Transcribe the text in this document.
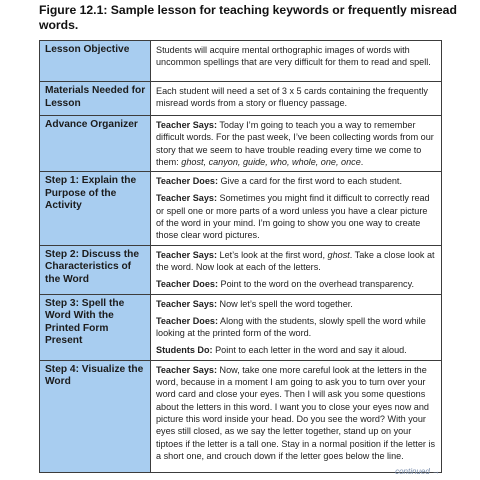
Figure 12.1: Sample lesson for teaching keywords or frequently misread words.
Lesson Objective	Students will acquire mental orthographic images of words with uncommon spellings that are very difficult for them to read and spell.

Materials Needed for Lesson	Each student will need a set of 3 x 5 cards containing the frequently misread words from a story or fluency passage.

Advance Organizer	Teacher Says: Today I’m going to teach you a way to remember difficult words. For the past week, I’ve been collecting words from our story that we seem to have trouble reading every time we come to them: ghost, canyon, guide, who, whole, one, once.

Step 1: Explain the Purpose of the Activity	Teacher Does: Give a card for the first word to each student.
Teacher Says: Sometimes you might find it difficult to correctly read or spell one or more parts of a word unless you have a clear picture of the word in your mind. I’m going to show you one way to create those clear word pictures.

Step 2: Discuss the Characteristics of the Word	Teacher Says: Let’s look at the first word, ghost. Take a close look at the word. Now look at each of the letters.
Teacher Does: Point to the word on the overhead transparency.

Step 3: Spell the Word With the Printed Form Present	Teacher Says: Now let’s spell the word together.
Teacher Does: Along with the students, slowly spell the word while looking at the printed form of the word.
Students Do: Point to each letter in the word and say it aloud.

Step 4: Visualize the Word	Teacher Says: Now, take one more careful look at the letters in the word, because in a moment I am going to ask you to turn over your word card and close your eyes. Then I will ask you some questions about the letters in this word. I want you to close your eyes now and picture this word inside your head. Do you see the word? With your eyes still closed, as we say the letter together, stand up on your tiptoes if the letter is a tall one. Stay in a normal position if the letter is a short one, and crouch down if the letter goes below the line.
continued →
